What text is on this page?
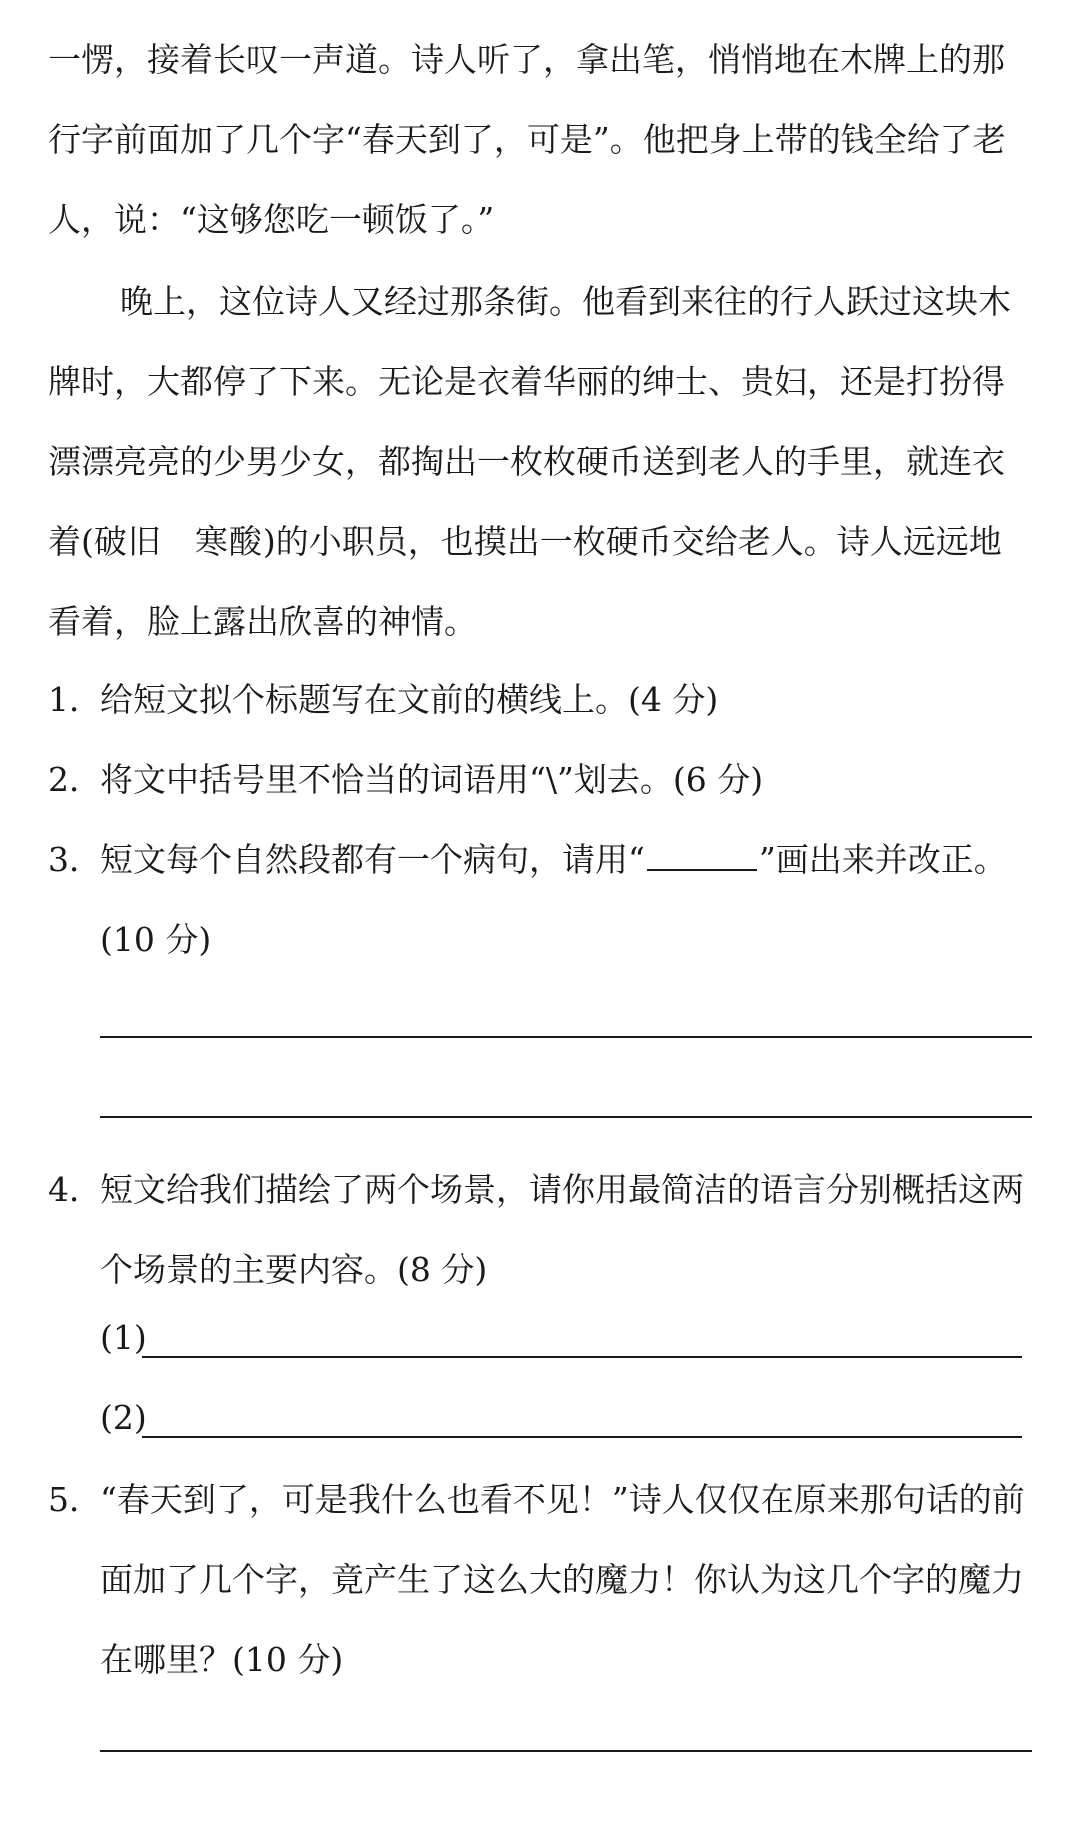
一愣，接着长叹一声道。诗人听了，拿出笔，悄悄地在木牌上的那行字前面加了几个字“春天到了，可是”。他把身上带的钱全给了老人，说：“这够您吃一顿饭了。”
晚上，这位诗人又经过那条街。他看到来往的行人跃过这块木牌时，大都停了下来。无论是衣着华丽的绅士、贵妇，还是打扮得漂漂亮亮的少男少女，都掏出一枚枚硬币送到老人的手里，就连衣着(破旧  寒酸)的小职员，也摸出一枚硬币交给老人。诗人远远地看着，脸上露出欣喜的神情。
1．
给短文拟个标题写在文前的横线上。(4 分)
2．
将文中括号里不恰当的词语用“\”划去。(6 分)
3．
短文每个自然段都有一个病句，请用“	”画出来并改正。(10 分)
4．
短文给我们描绘了两个场景，请你用最简洁的语言分别概括这两个场景的主要内容。(8 分)
(1)
(2)
5．
“春天到了，可是我什么也看不见！”诗人仅仅在原来那句话的前面加了几个字，竟产生了这么大的魔力！你认为这几个字的魔力在哪里？(10 分)
